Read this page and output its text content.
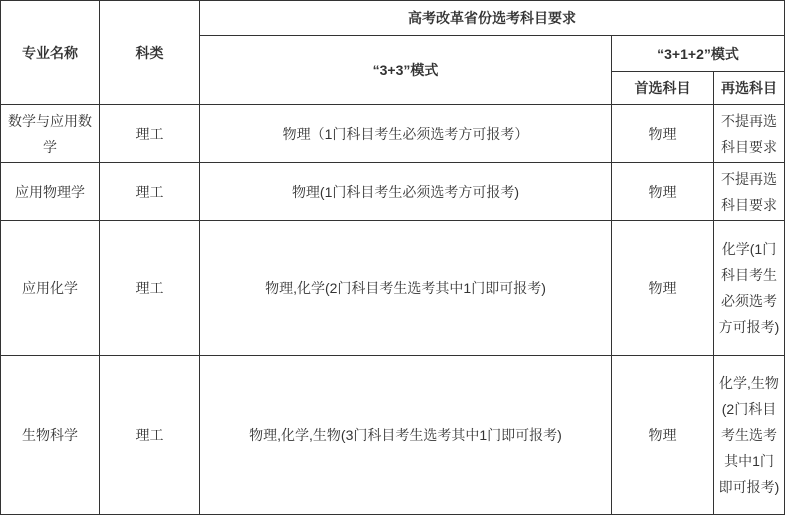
专业名称	科类	高考改革省份选考科目要求		
		“3+3”模式	“3+1+2”模式	
			首选科目	再选科目
数学与应用数学	理工	物理（1门科目考生必须选考方可报考）	物理	不提再选科目要求
应用物理学	理工	物理(1门科目考生必须选考方可报考)	物理	不提再选科目要求
应用化学	理工	物理,化学(2门科目考生选考其中1门即可报考)	物理	化学(1门科目考生必须选考方可报考)
生物科学	理工	物理,化学,生物(3门科目考生选考其中1门即可报考)	物理	化学,生物(2门科目考生选考其中1门即可报考)
